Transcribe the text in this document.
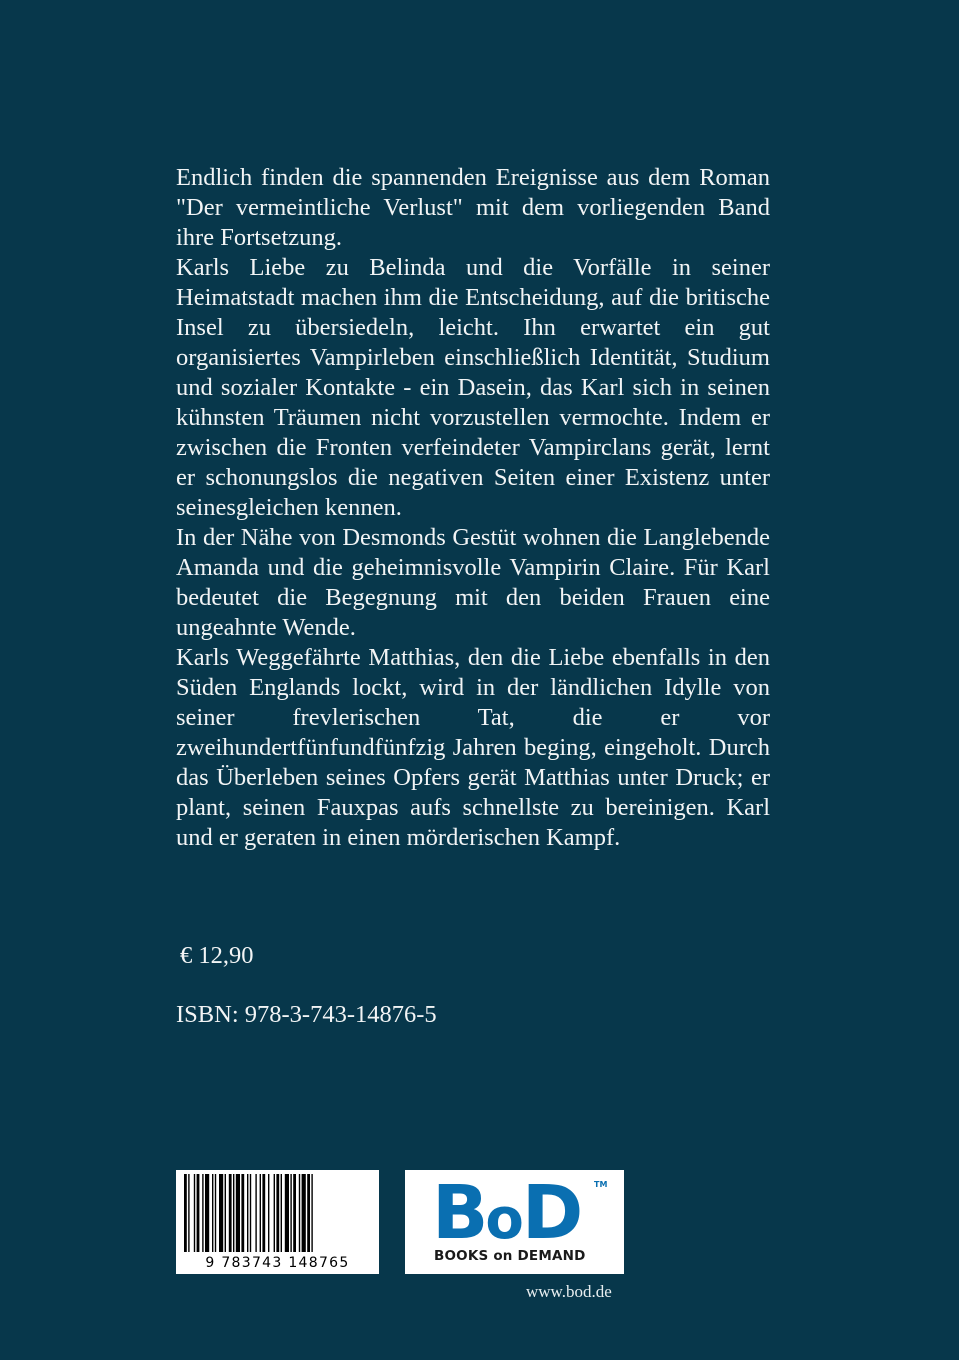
Endlich finden die spannenden Ereignisse aus dem Roman "Der vermeintliche Verlust" mit dem vorliegenden Band ihre Fortsetzung.

Karls Liebe zu Belinda und die Vorfälle in seiner Heimatstadt machen ihm die Entscheidung, auf die britische Insel zu übersiedeln, leicht. Ihn erwartet ein gut organisiertes Vampirleben einschließlich Identität, Studium und sozialer Kontakte - ein Dasein, das Karl sich in seinen kühnsten Träumen nicht vorzustellen vermochte. Indem er zwischen die Fronten verfeindeter Vampirclans gerät, lernt er schonungslos die negativen Seiten einer Existenz unter seinesgleichen kennen.

In der Nähe von Desmonds Gestüt wohnen die Langlebende Amanda und die geheimnisvolle Vampirin Claire. Für Karl bedeutet die Begegnung mit den beiden Frauen eine ungeahnte Wende.

Karls Weggefährte Matthias, den die Liebe ebenfalls in den Süden Englands lockt, wird in der ländlichen Idylle von seiner frevlerischen Tat, die er vor zweihundertfünfundfünfzig Jahren beging, eingeholt. Durch das Überleben seines Opfers gerät Matthias unter Druck; er plant, seinen Fauxpas aufs schnellste zu bereinigen. Karl und er geraten in einen mörderischen Kampf.

€ 12,90
ISBN: 978-3-743-14876-5
9 783743 148765
BoD TM
BOOKS on DEMAND
www.bod.de
